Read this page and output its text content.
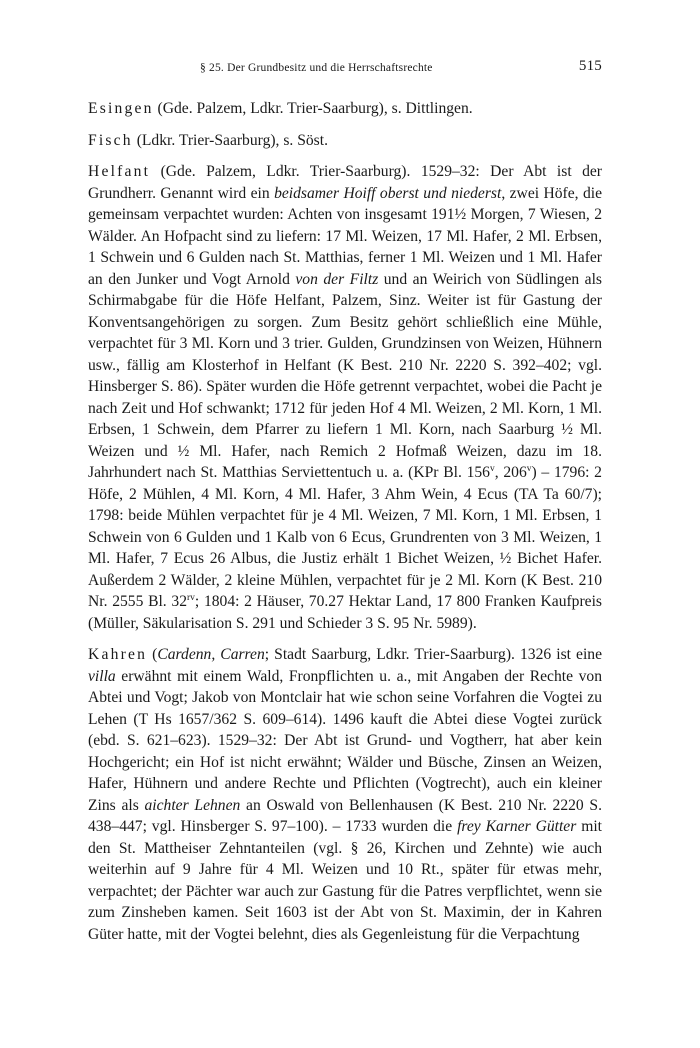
§ 25. Der Grundbesitz und die Herrschaftsrechte	515

Esingen (Gde. Palzem, Ldkr. Trier-Saarburg), s. Dittlingen.

Fisch (Ldkr. Trier-Saarburg), s. Söst.

Helfant (Gde. Palzem, Ldkr. Trier-Saarburg). 1529–32: Der Abt ist der Grundherr. Genannt wird ein beidsamer Hoiff oberst und niederst, zwei Höfe, die gemeinsam verpachtet wurden: Achten von insgesamt 191½ Morgen, 7 Wiesen, 2 Wälder. An Hofpacht sind zu liefern: 17 Ml. Weizen, 17 Ml. Hafer, 2 Ml. Erbsen, 1 Schwein und 6 Gulden nach St. Matthias, ferner 1 Ml. Weizen und 1 Ml. Hafer an den Junker und Vogt Arnold von der Filtz und an Weirich von Südlingen als Schirmabgabe für die Höfe Helfant, Palzem, Sinz. Weiter ist für Gastung der Konventsangehörigen zu sorgen. Zum Besitz gehört schließlich eine Mühle, verpachtet für 3 Ml. Korn und 3 trier. Gulden, Grundzinsen von Weizen, Hühnern usw., fällig am Klosterhof in Helfant (K Best. 210 Nr. 2220 S. 392–402; vgl. Hinsberger S. 86). Später wurden die Höfe getrennt verpachtet, wobei die Pacht je nach Zeit und Hof schwankt; 1712 für jeden Hof 4 Ml. Weizen, 2 Ml. Korn, 1 Ml. Erbsen, 1 Schwein, dem Pfarrer zu liefern 1 Ml. Korn, nach Saarburg ½ Ml. Weizen und ½ Ml. Hafer, nach Remich 2 Hofmaß Weizen, dazu im 18. Jahrhundert nach St. Matthias Serviettentuch u. a. (KPr Bl. 156$^v$, 206$^v$) – 1796: 2 Höfe, 2 Mühlen, 4 Ml. Korn, 4 Ml. Hafer, 3 Ahm Wein, 4 Ecus (TA Ta 60/7); 1798: beide Mühlen verpachtet für je 4 Ml. Weizen, 7 Ml. Korn, 1 Ml. Erbsen, 1 Schwein von 6 Gulden und 1 Kalb von 6 Ecus, Grundrenten von 3 Ml. Weizen, 1 Ml. Hafer, 7 Ecus 26 Albus, die Justiz erhält 1 Bichet Weizen, ½ Bichet Hafer. Außerdem 2 Wälder, 2 kleine Mühlen, verpachtet für je 2 Ml. Korn (K Best. 210 Nr. 2555 Bl. $32^{rv}$; 1804: 2 Häuser, 70.27 Hektar Land, 17 800 Franken Kaufpreis (Müller, Säkularisation S. 291 und Schieder 3 S. 95 Nr. 5989).

Kahren (Cardenn, Carren; Stadt Saarburg, Ldkr. Trier-Saarburg). 1326 ist eine villa erwähnt mit einem Wald, Fronpflichten u. a., mit Angaben der Rechte von Abtei und Vogt; Jakob von Montclair hat wie schon seine Vorfahren die Vogtei zu Lehen (T Hs 1657/362 S. 609–614). 1496 kauft die Abtei diese Vogtei zurück (ebd. S. 621–623). 1529–32: Der Abt ist Grund- und Vogtherr, hat aber kein Hochgericht; ein Hof ist nicht erwähnt; Wälder und Büsche, Zinsen an Weizen, Hafer, Hühnern und andere Rechte und Pflichten (Vogtrecht), auch ein kleiner Zins als aichter Lehnen an Oswald von Bellenhausen (K Best. 210 Nr. 2220 S. 438–447; vgl. Hinsberger S. 97–100). – 1733 wurden die frey Karner Gütter mit den St. Mattheiser Zehntanteilen (vgl. § 26, Kirchen und Zehnte) wie auch weiterhin auf 9 Jahre für 4 Ml. Weizen und 10 Rt., später für etwas mehr, verpachtet; der Pächter war auch zur Gastung für die Patres verpflichtet, wenn sie zum Zinsheben kamen. Seit 1603 ist der Abt von St. Maximin, der in Kahren Güter hatte, mit der Vogtei belehnt, dies als Gegenleistung für die Verpachtung
